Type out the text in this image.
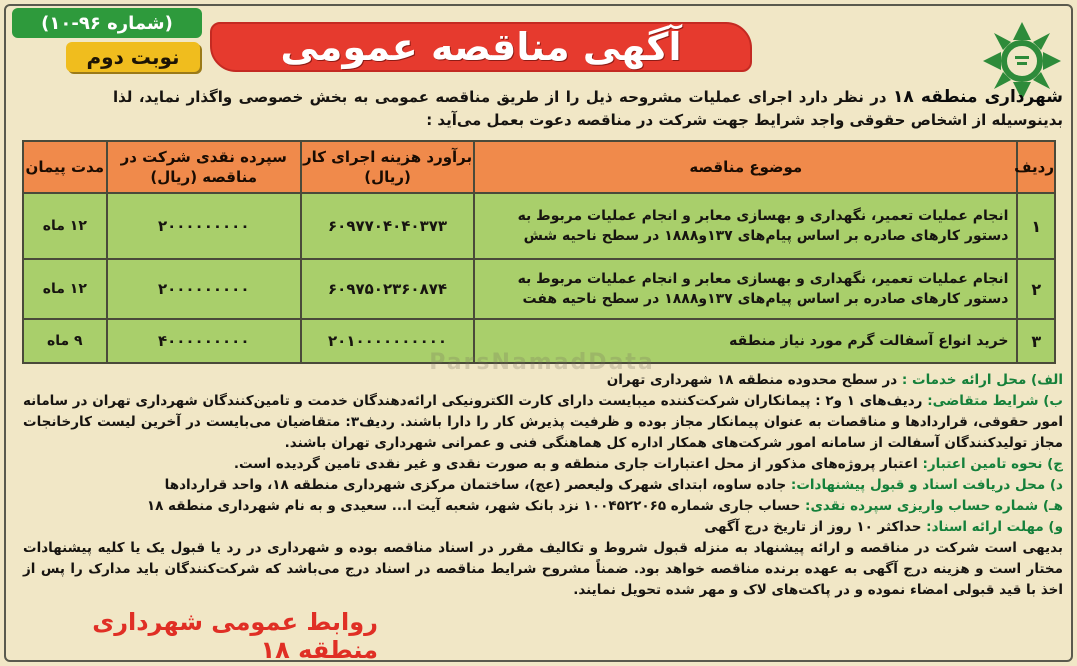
(شماره ۹۶-۱۰)
نوبت دوم	آگهی مناقصه عمومی
شهرداری منطقه ۱۸ در نظر دارد اجرای عملیات مشروحه ذیل را از طریق مناقصه عمومی به بخش خصوصی واگذار نماید، لذا بدینوسیله از اشخاص حقوقی واجد شرایط جهت شرکت در مناقصه دعوت بعمل می‌آید :
ردیف	موضوع مناقصه	برآورد هزینه اجرای کار (ریال)	سپرده نقدی شرکت در مناقصه (ریال)	مدت پیمان
۱	انجام عملیات تعمیر، نگهداری و بهسازی معابر و انجام عملیات مربوط به دستور کارهای صادره بر اساس پیام‌های ۱۳۷و۱۸۸۸ در سطح ناحیه شش	۶۰۹۷۷۰۴۰۴۰۳۷۳	۲۰۰۰۰۰۰۰۰۰	۱۲ ماه
۲	انجام عملیات تعمیر، نگهداری و بهسازی معابر و انجام عملیات مربوط به دستور کارهای صادره بر اساس پیام‌های ۱۳۷و۱۸۸۸ در سطح ناحیه هفت	۶۰۹۷۵۰۲۳۶۰۸۷۴	۲۰۰۰۰۰۰۰۰۰	۱۲ ماه
۳	خرید انواع آسفالت گرم مورد نیاز منطقه	۲۰۱۰۰۰۰۰۰۰۰۰۰	۴۰۰۰۰۰۰۰۰۰	۹ ماه
ParsNamadData

الف) محل ارائه خدمات : در سطح محدوده منطقه ۱۸ شهرداری تهران

ب) شرایط متقاضی: ردیف‌های ۱ و۲ : پیمانکاران شرکت‌کننده میبایست دارای کارت الکترونیکی ارائه‌دهندگان خدمت و تامین‌کنندگان شهرداری تهران در سامانه امور حقوقی، قراردادها و مناقصات به عنوان پیمانکار مجاز بوده و ظرفیت پذیرش کار را دارا باشند. ردیف۳: متقاضیان می‌بایست در آخرین لیست کارخانجات مجاز تولیدکنندگان آسفالت از سامانه امور شرکت‌های همکار اداره کل هماهنگی فنی و عمرانی شهرداری تهران باشند.

ج) نحوه تامین اعتبار: اعتبار پروژه‌های مذکور از محل اعتبارات جاری منطقه و به صورت نقدی و غیر نقدی تامین گردیده است.

د) محل دریافت اسناد و قبول پیشنهادات: جاده ساوه، ابتدای شهرک ولیعصر (عج)، ساختمان مرکزی شهرداری منطقه ۱۸، واحد قراردادها

هـ) شماره حساب واریزی سپرده نقدی: حساب جاری شماره ۱۰۰۴۵۲۲۰۶۵ نزد بانک شهر، شعبه آیت ا... سعیدی و به نام شهرداری منطقه ۱۸

و) مهلت ارائه اسناد: حداکثر ۱۰ روز از تاریخ درج آگهی

بدیهی است شرکت در مناقصه و ارائه پیشنهاد به منزله قبول شروط و تکالیف مقرر در اسناد مناقصه بوده و شهرداری در رد یا قبول یک یا کلیه پیشنهادات مختار است و هزینه درج آگهی به عهده برنده مناقصه خواهد بود. ضمناً مشروح شرایط مناقصه در اسناد درج می‌باشد که شرکت‌کنندگان باید مدارک را پس از اخذ با قید قبولی امضاء نموده و در پاکت‌های لاک و مهر شده تحویل نمایند.

روابط عمومی شهرداری منطقه ۱۸
